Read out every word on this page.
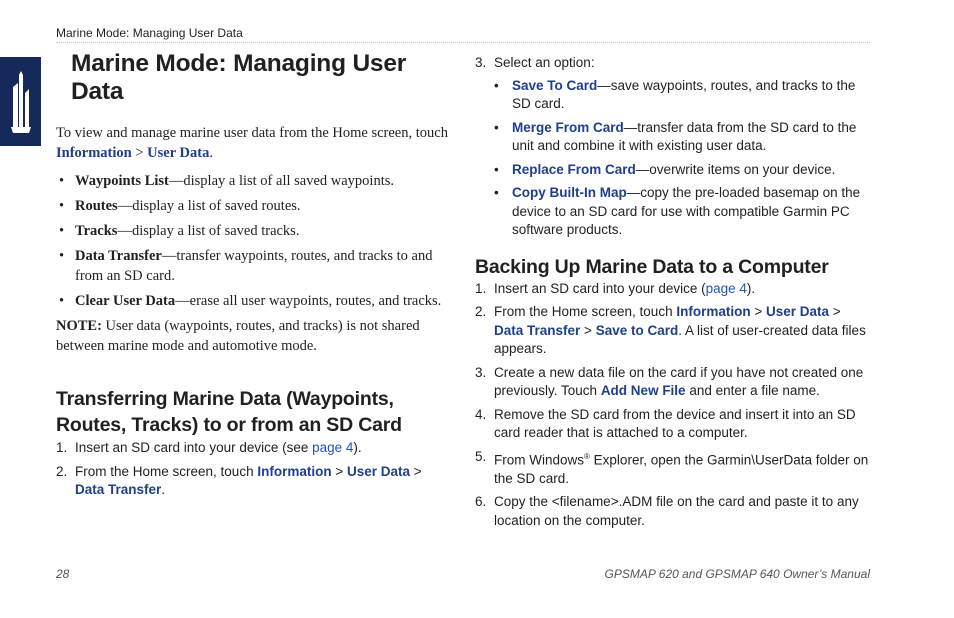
Marine Mode: Managing User Data
Marine Mode: Managing User Data

To view and manage marine user data from the Home screen, touch Information > User Data.

• Waypoints List—display a list of all saved waypoints.
• Routes—display a list of saved routes.
• Tracks—display a list of saved tracks.
• Data Transfer—transfer waypoints, routes, and tracks to and from an SD card.
• Clear User Data—erase all user waypoints, routes, and tracks.

NOTE: User data (waypoints, routes, and tracks) is not shared between marine mode and automotive mode.

Transferring Marine Data (Waypoints, Routes, Tracks) to or from an SD Card
1. Insert an SD card into your device (see page 4).
2. From the Home screen, touch Information > User Data > Data Transfer.
3. Select an option:
• Save To Card—save waypoints, routes, and tracks to the SD card.
• Merge From Card—transfer data from the SD card to the unit and combine it with existing user data.
• Replace From Card—overwrite items on your device.
• Copy Built-In Map—copy the pre-loaded basemap on the device to an SD card for use with compatible Garmin PC software products.
Backing Up Marine Data to a Computer
1. Insert an SD card into your device (page 4).
2. From the Home screen, touch Information > User Data > Data Transfer > Save to Card. A list of user-created data files appears.
3. Create a new data file on the card if you have not created one previously. Touch Add New File and enter a file name.
4. Remove the SD card from the device and insert it into an SD card reader that is attached to a computer.
5. From Windows® Explorer, open the Garmin\UserData folder on the SD card.
6. Copy the <filename>.ADM file on the card and paste it to any location on the computer.
28	GPSMAP 620 and GPSMAP 640 Owner’s Manual
